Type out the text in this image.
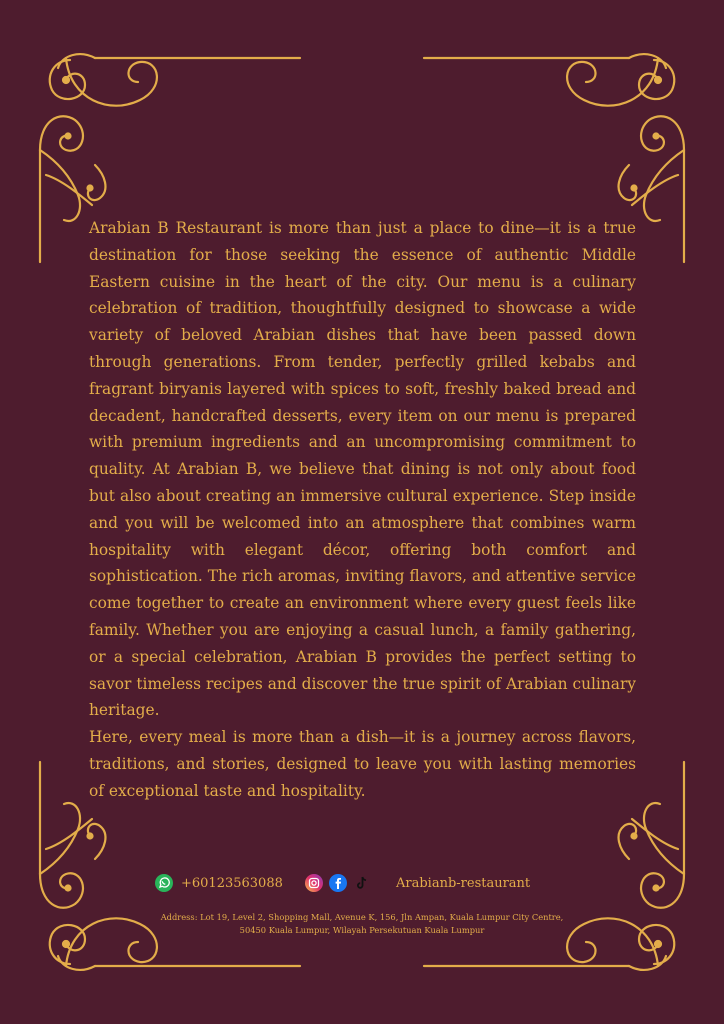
Arabian B Restaurant is more than just a place to dine—it is a true destination for those seeking the essence of authentic Middle Eastern cuisine in the heart of the city. Our menu is a culinary celebration of tradition, thoughtfully designed to showcase a wide variety of beloved Arabian dishes that have been passed down through generations. From tender, perfectly grilled kebabs and fragrant biryanis layered with spices to soft, freshly baked bread and decadent, handcrafted desserts, every item on our menu is prepared with premium ingredients and an uncompromising commitment to quality. At Arabian B, we believe that dining is not only about food but also about creating an immersive cultural experience. Step inside and you will be welcomed into an atmosphere that combines warm hospitality with elegant décor, offering both comfort and sophistication. The rich aromas, inviting flavors, and attentive service come together to create an environment where every guest feels like family. Whether you are enjoying a casual lunch, a family gathering, or a special celebration, Arabian B provides the perfect setting to savor timeless recipes and discover the true spirit of Arabian culinary heritage.

Here, every meal is more than a dish—it is a journey across flavors, traditions, and stories, designed to leave you with lasting memories of exceptional taste and hospitality.

+60123563088	Arabianb-restaurant
Address: Lot 19, Level 2, Shopping Mall, Avenue K, 156, Jln Ampan, Kuala Lumpur City Centre, 50450 Kuala Lumpur, Wilayah Persekutuan Kuala Lumpur
